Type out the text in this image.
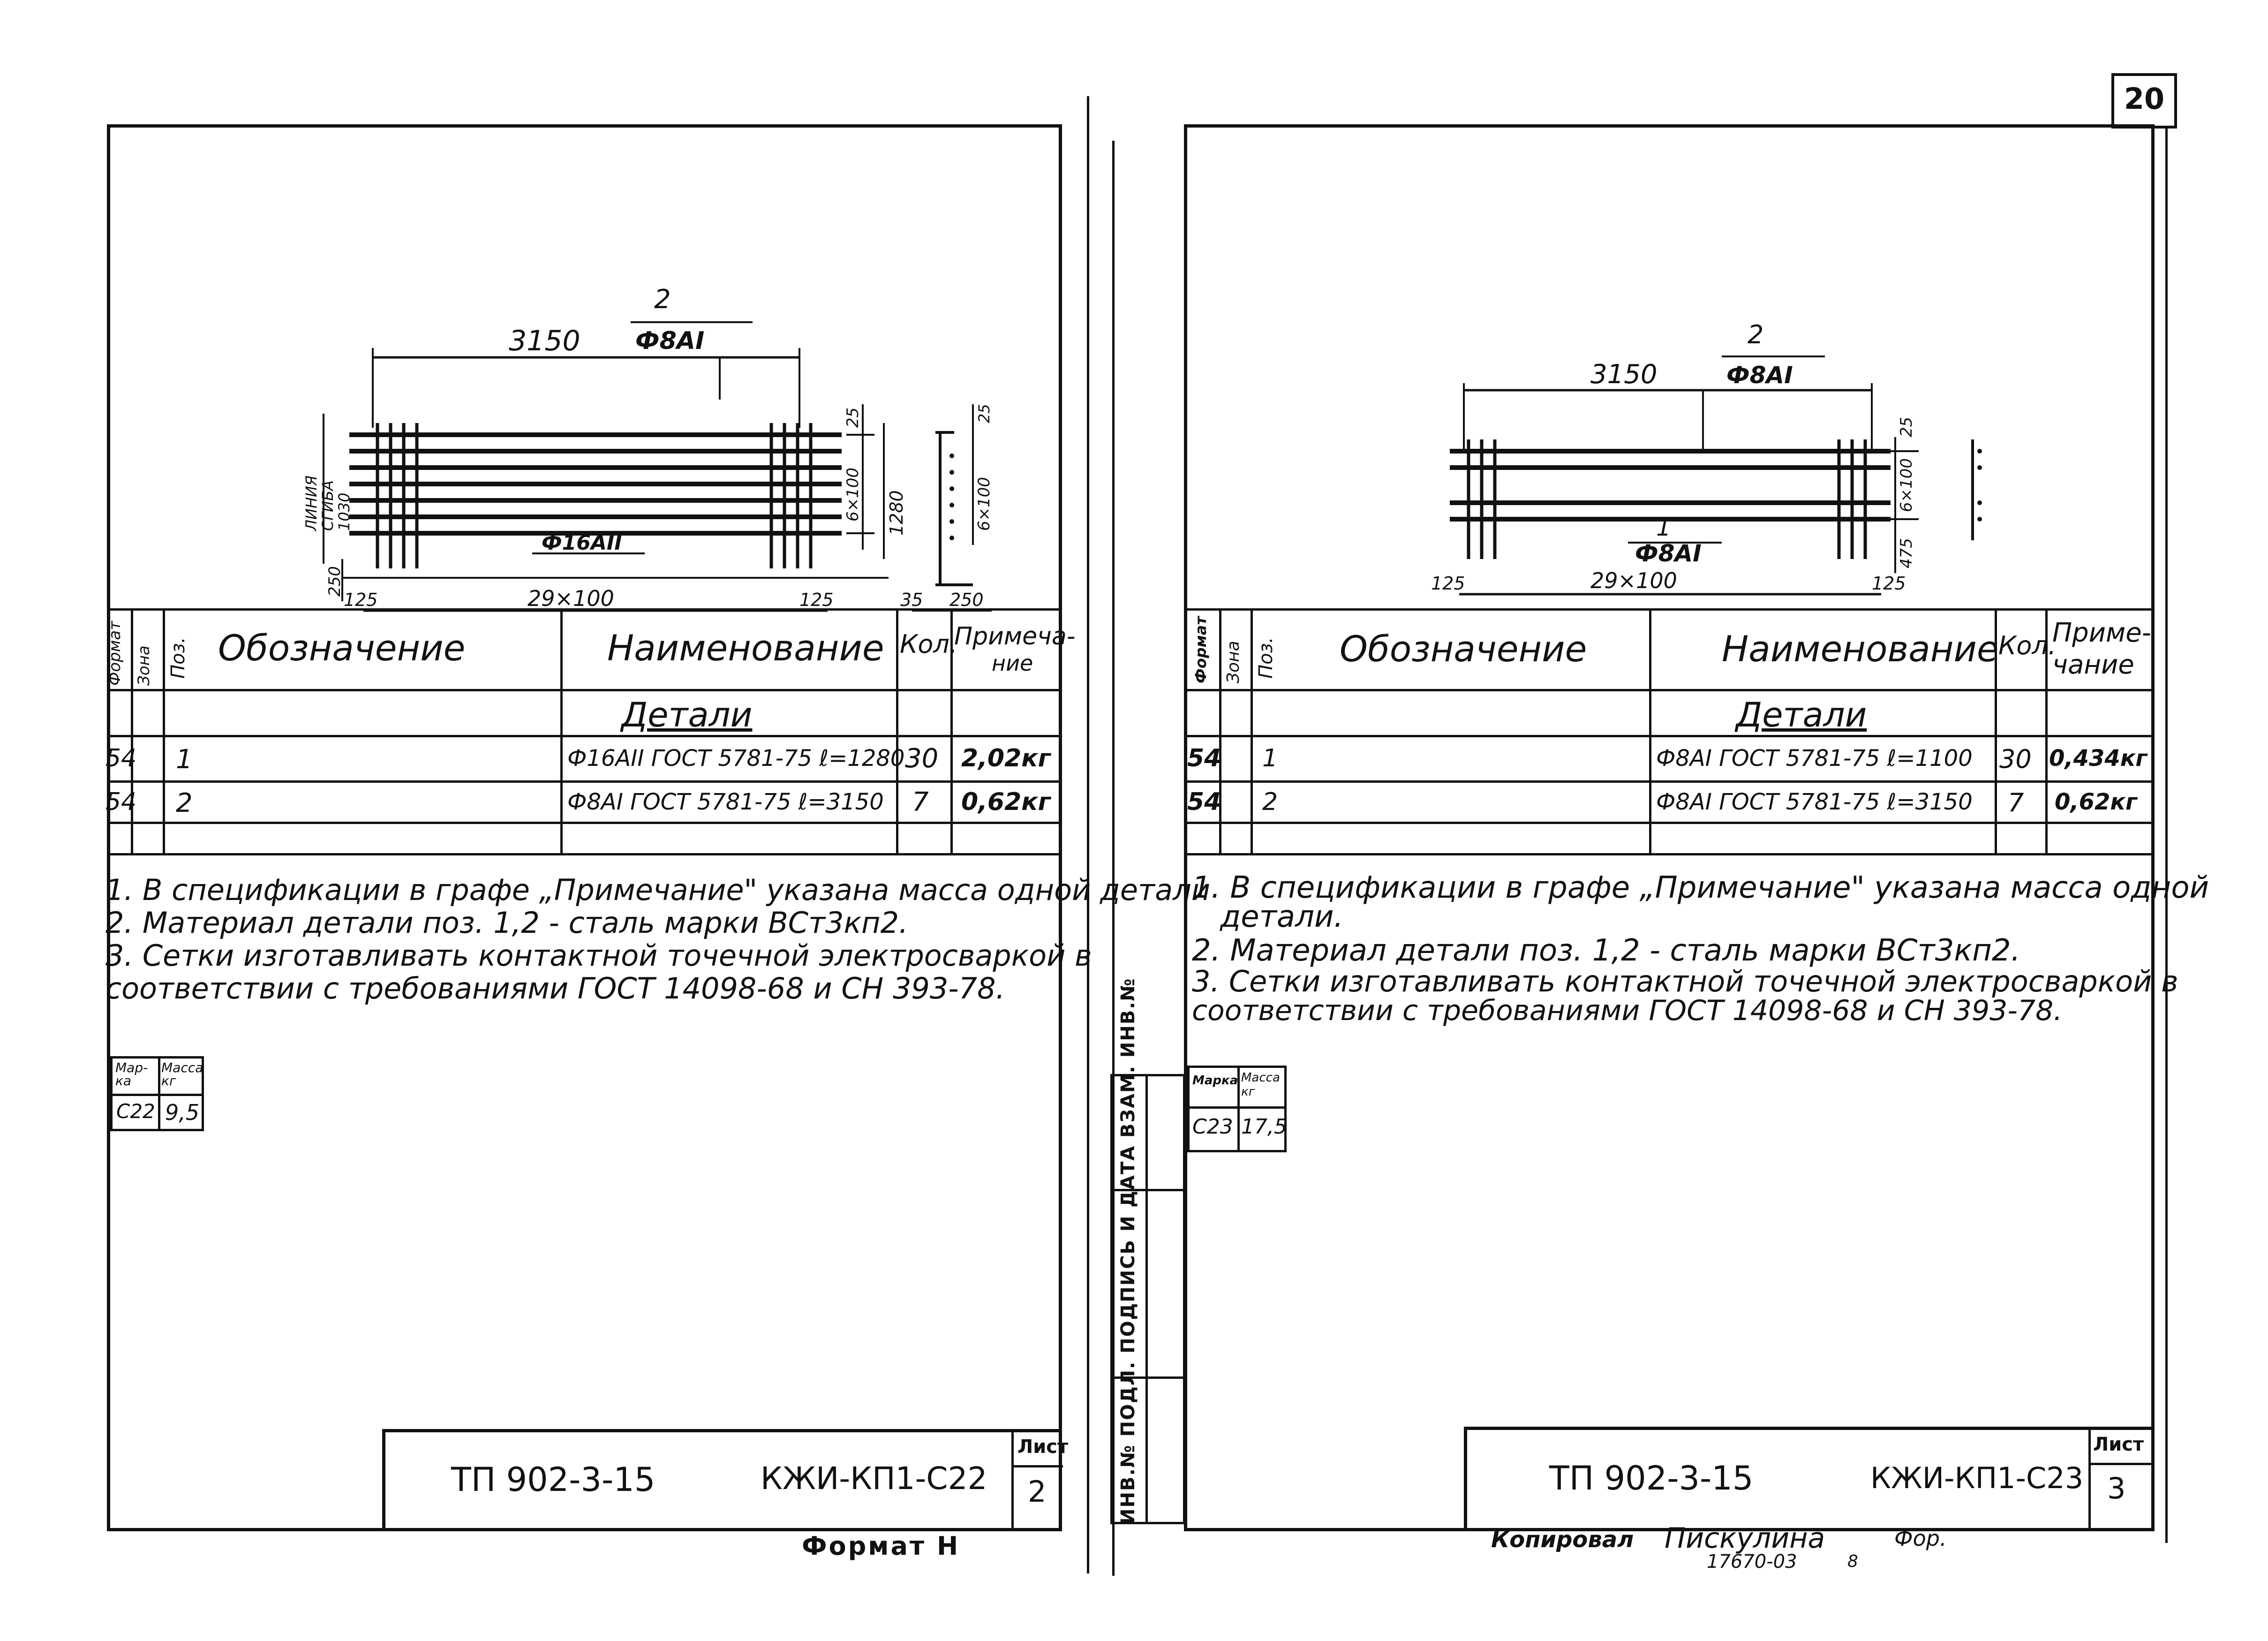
20
3150
2
Ф8АI
Ф16АII
ЛИНИЯ
СГИБА
1030
250
25
6×100 1280
125	29×100	125
25
6×100
35 250
Формат Зона Поз. Обозначение	Наименование Кол.
Примеча-
ние
Детали
54 1	Ф16АII ГОСТ 5781-75 ℓ=1280 30 2,02кг
54 2	Ф8АI ГОСТ 5781-75 ℓ=3150 7 0,62кг
1. В спецификации в графе „Примечание" указана масса одной детали
2. Материал детали поз. 1,2 - сталь марки ВСт3кп2.
3. Сетки изготавливать контактной точечной электросваркой в
соответствии с требованиями ГОСТ 14098-68 и СН 393-78.
Мар-ка
Масса кг
С22 9,5
ТП 902-3-15	КЖИ-КП1-С22
Лист
2
Формат Н
3150
2
Ф8АI
1
Ф8АI
25
6×100
475
125	29×100	125
Формат Зона Поз. Обозначение	Наименование Кол.
Приме-
чание
Детали
54 1	Ф8АI ГОСТ 5781-75 ℓ=1100 30 0,434кг
54 2	Ф8АI ГОСТ 5781-75 ℓ=3150 7 0,62кг
1. В спецификации в графе „Примечание" указана масса одной
детали.
2. Материал детали поз. 1,2 - сталь марки ВСт3кп2.
3. Сетки изготавливать контактной точечной электросваркой в
соответствии с требованиями ГОСТ 14098-68 и СН 393-78.
Марка Масса кг
С23 17,5
ТП 902-3-15	КЖИ-КП1-С23
Лист
3
ИНВ.№ ПОДЛ. ПОДПИСЬ И ДАТА ВЗАМ. ИНВ.№
Копировал Пискулина	Фор.
17670-03	8
